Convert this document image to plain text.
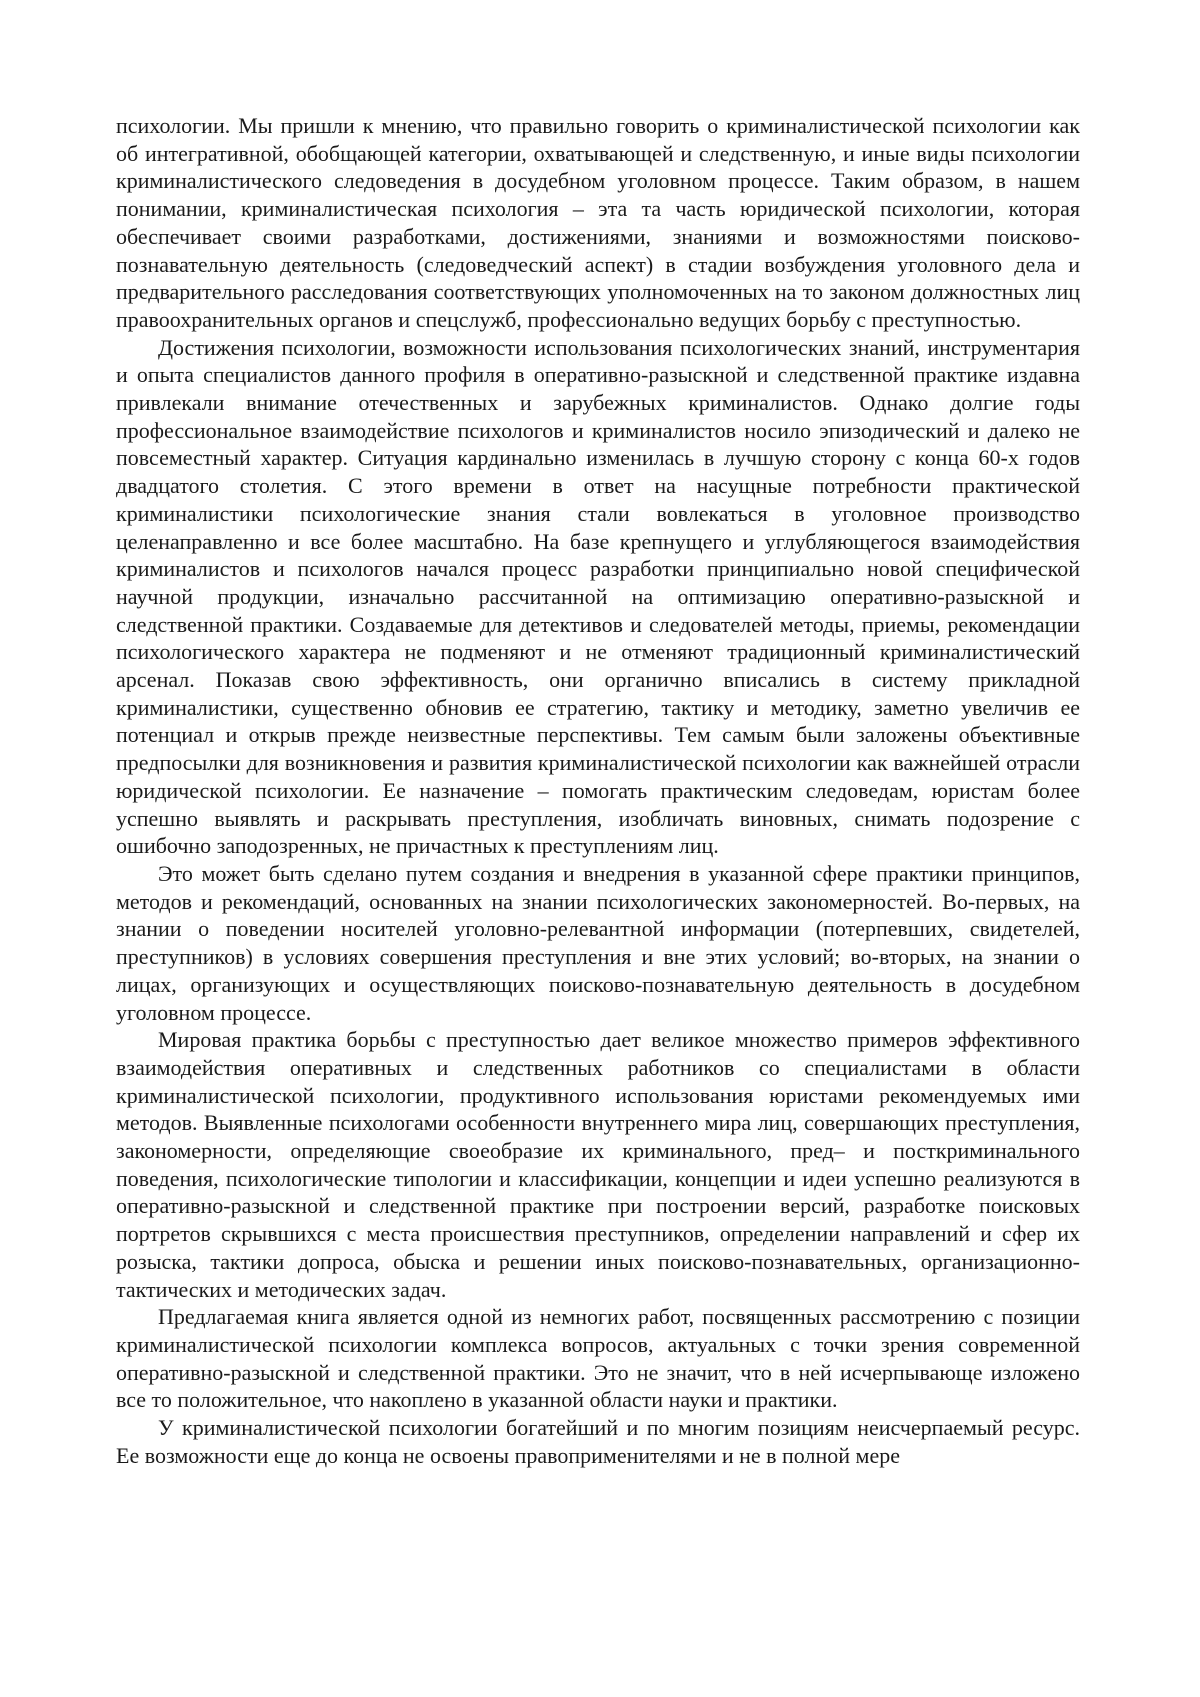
психологии. Мы пришли к мнению, что правильно говорить о криминалистической психологии как об интегративной, обобщающей категории, охватывающей и следственную, и иные виды психологии криминалистического следоведения в досудебном уголовном процессе. Таким образом, в нашем понимании, криминалистическая психология – эта та часть юридической психологии, которая обеспечивает своими разработками, достижениями, знаниями и возможностями поисково-познавательную деятельность (следоведческий аспект) в стадии возбуждения уголовного дела и предварительного расследования соответствующих уполномоченных на то законом должностных лиц правоохранительных органов и спецслужб, профессионально ведущих борьбу с преступностью.

Достижения психологии, возможности использования психологических знаний, инструментария и опыта специалистов данного профиля в оперативно-разыскной и следственной практике издавна привлекали внимание отечественных и зарубежных криминалистов. Однако долгие годы профессиональное взаимодействие психологов и криминалистов носило эпизодический и далеко не повсеместный характер. Ситуация кардинально изменилась в лучшую сторону с конца 60-х годов двадцатого столетия. С этого времени в ответ на насущные потребности практической криминалистики психологические знания стали вовлекаться в уголовное производство целенаправленно и все более масштабно. На базе крепнущего и углубляющегося взаимодействия криминалистов и психологов начался процесс разработки принципиально новой специфической научной продукции, изначально рассчитанной на оптимизацию оперативно-разыскной и следственной практики. Создаваемые для детективов и следователей методы, приемы, рекомендации психологического характера не подменяют и не отменяют традиционный криминалистический арсенал. Показав свою эффективность, они органично вписались в систему прикладной криминалистики, существенно обновив ее стратегию, тактику и методику, заметно увеличив ее потенциал и открыв прежде неизвестные перспективы. Тем самым были заложены объективные предпосылки для возникновения и развития криминалистической психологии как важнейшей отрасли юридической психологии. Ее назначение – помогать практическим следоведам, юристам более успешно выявлять и раскрывать преступления, изобличать виновных, снимать подозрение с ошибочно заподозренных, не причастных к преступлениям лиц.

Это может быть сделано путем создания и внедрения в указанной сфере практики принципов, методов и рекомендаций, основанных на знании психологических закономерностей. Во-первых, на знании о поведении носителей уголовно-релевантной информации (потерпевших, свидетелей, преступников) в условиях совершения преступления и вне этих условий; во-вторых, на знании о лицах, организующих и осуществляющих поисково-познавательную деятельность в досудебном уголовном процессе.

Мировая практика борьбы с преступностью дает великое множество примеров эффективного взаимодействия оперативных и следственных работников со специалистами в области криминалистической психологии, продуктивного использования юристами рекомендуемых ими методов. Выявленные психологами особенности внутреннего мира лиц, совершающих преступления, закономерности, определяющие своеобразие их криминального, пред– и посткриминального поведения, психологические типологии и классификации, концепции и идеи успешно реализуются в оперативно-разыскной и следственной практике при построении версий, разработке поисковых портретов скрывшихся с места происшествия преступников, определении направлений и сфер их розыска, тактики допроса, обыска и решении иных поисково-познавательных, организационно-тактических и методических задач.

Предлагаемая книга является одной из немногих работ, посвященных рассмотрению с позиции криминалистической психологии комплекса вопросов, актуальных с точки зрения современной оперативно-разыскной и следственной практики. Это не значит, что в ней исчерпывающе изложено все то положительное, что накоплено в указанной области науки и практики.

У криминалистической психологии богатейший и по многим позициям неисчерпаемый ресурс. Ее возможности еще до конца не освоены правоприменителями и не в полной мере
